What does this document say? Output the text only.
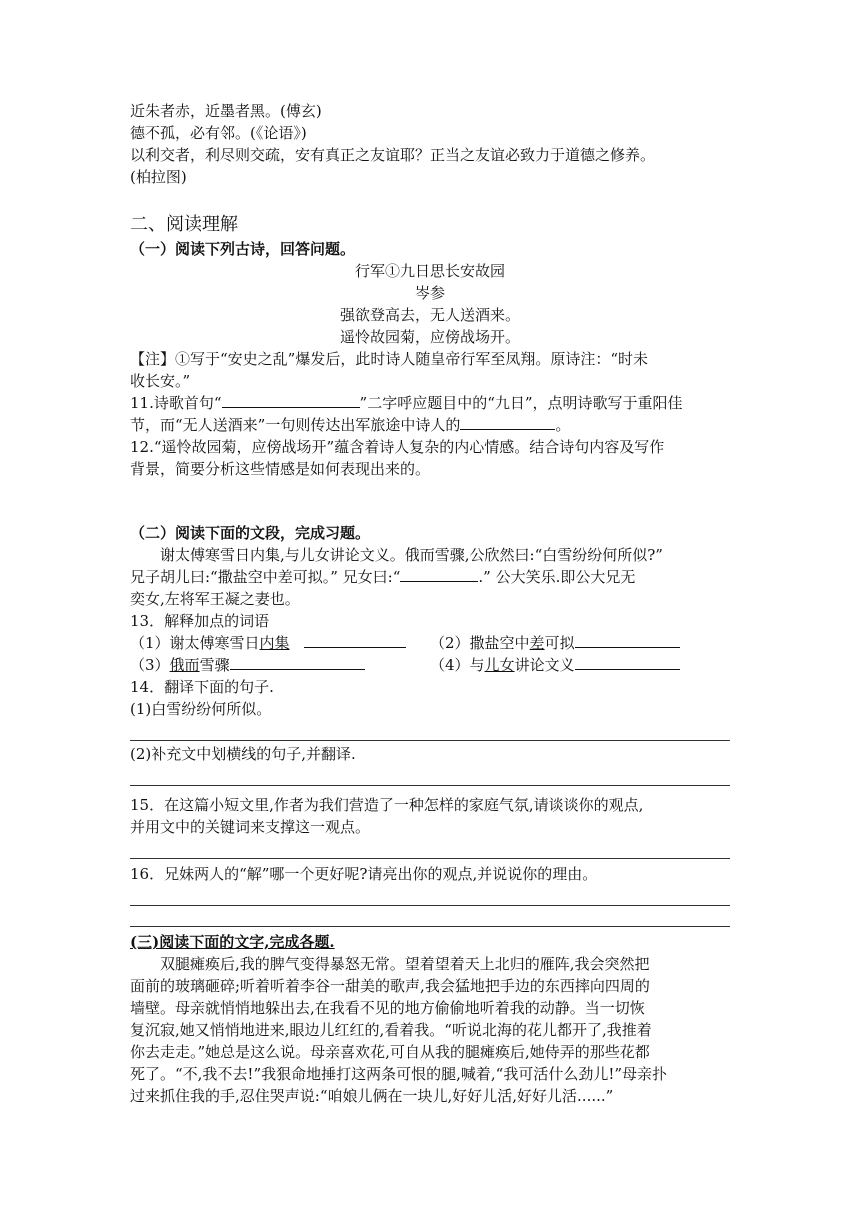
近朱者赤，近墨者黑。(傅玄)
德不孤，必有邻。(《论语》)
以利交者，利尽则交疏，安有真正之友谊耶？正当之友谊必致力于道德之修养。
(柏拉图)
二、阅读理解
（一）阅读下列古诗，回答问题。
行军①九日思长安故园
岑参
强欲登高去，无人送酒来。
遥怜故园菊，应傍战场开。
【注】①写于“安史之乱”爆发后，此时诗人随皇帝行军至凤翔。原诗注：“时未
收长安。”
11.诗歌首句“	”二字呼应题目中的“九日”，点明诗歌写于重阳佳
节，而“无人送酒来”一句则传达出军旅途中诗人的	。
12.“遥怜故园菊，应傍战场开”蕴含着诗人复杂的内心情感。结合诗句内容及写作
背景，简要分析这些情感是如何表现出来的。
（二）阅读下面的文段，完成习题。
谢太傅寒雪日内集,与儿女讲论文义。俄而雪骤,公欣然曰:“白雪纷纷何所似?”
兄子胡儿曰:“撒盐空中差可拟。” 兄女曰:“	.” 公大笑乐.即公大兄无
奕女,左将军王凝之妻也。
13．解释加点的词语
（1）谢太傅寒雪日内集	（2）撒盐空中差可拟
（3）俄而雪骤	（4）与儿女讲论文义
14．翻译下面的句子.
(1)白雪纷纷何所似。
(2)补充文中划横线的句子,并翻译.
15．在这篇小短文里,作者为我们营造了一种怎样的家庭气氛,请谈谈你的观点,
并用文中的关键词来支撑这一观点。
16．兄妹两人的“解”哪一个更好呢?请亮出你的观点,并说说你的理由。
(三)阅读下面的文字,完成各题.
双腿瘫痪后,我的脾气变得暴怒无常。望着望着天上北归的雁阵,我会突然把
面前的玻璃砸碎;听着听着李谷一甜美的歌声,我会猛地把手边的东西摔向四周的
墙壁。母亲就悄悄地躲出去,在我看不见的地方偷偷地听着我的动静。当一切恢
复沉寂,她又悄悄地进来,眼边儿红红的,看着我。“听说北海的花儿都开了,我推着
你去走走。”她总是这么说。母亲喜欢花,可自从我的腿瘫痪后,她侍弄的那些花都
死了。“不,我不去!”我狠命地捶打这两条可恨的腿,喊着,“我可活什么劲儿!”母亲扑
过来抓住我的手,忍住哭声说:“咱娘儿俩在一块儿,好好儿活,好好儿活......”
